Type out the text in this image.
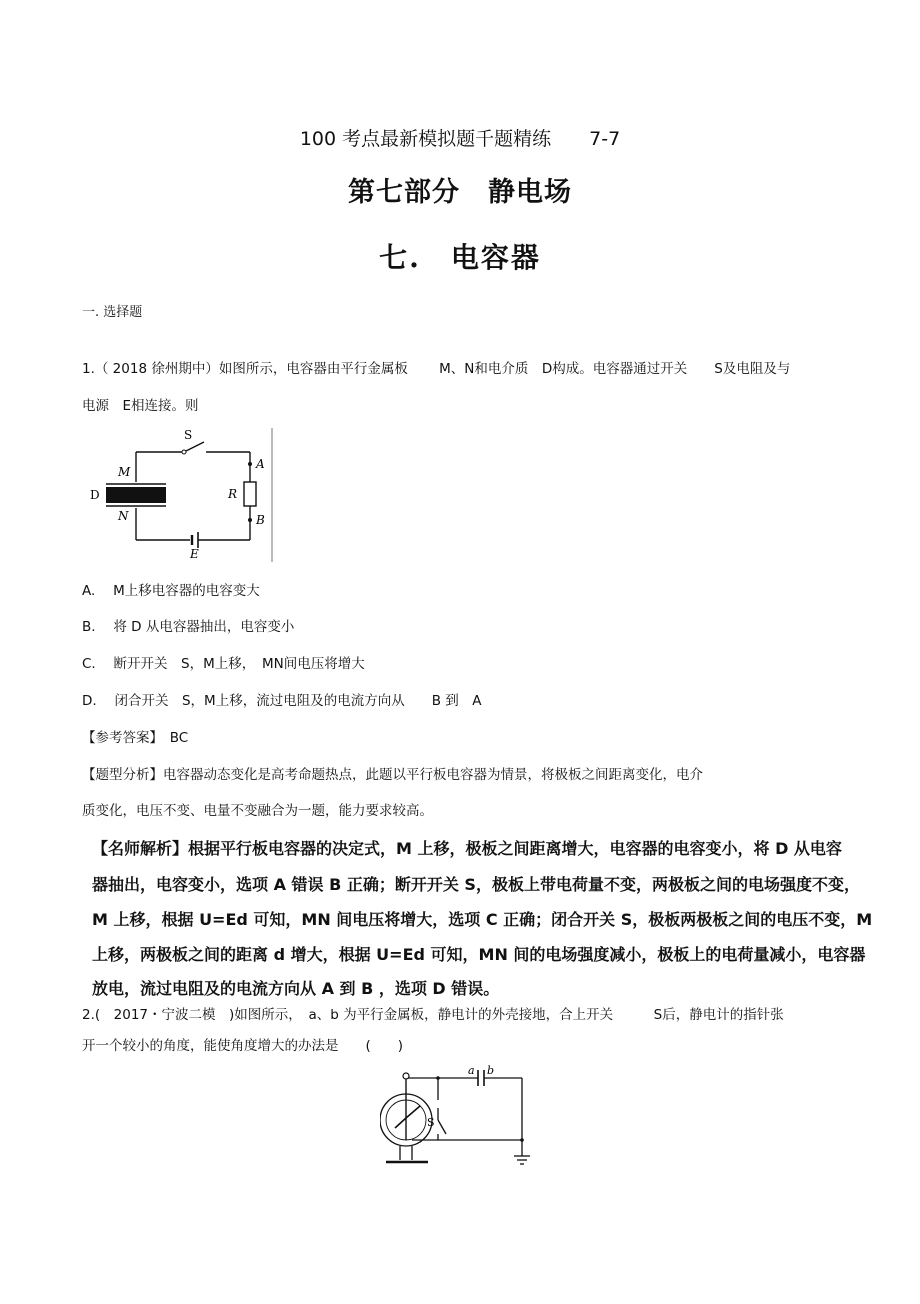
100 考点最新模拟题千题精练 7-7
第七部分　静电场
七.　电容器
一. 选择题
1.（ 2018 徐州期中）如图所示，电容器由平行金属板　　 M、N和电介质　D构成。电容器通过开关　　S及电阻及与
电源　E相连接。则
S
M
D
N
A
R
B
E
A.　 M上移电容器的电容变大
B.　 将 D 从电容器抽出，电容变小
C.　 断开开关　S，M上移，　MN间电压将增大
D.　 闭合开关　S，M上移，流过电阻及的电流方向从　　B 到　A
【参考答案】　BC
【题型分析】电容器动态变化是高考命题热点，此题以平行板电容器为情景，将极板之间距离变化，电介
质变化，电压不变、电量不变融合为一题，能力要求较高。
【名师解析】根据平行板电容器的决定式，M 上移，极板之间距离增大，电容器的电容变小，将 D 从电容
器抽出，电容变小，选项 A 错误 B 正确；断开开关 S，极板上带电荷量不变，两极板之间的电场强度不变，
M 上移，根据 U=Ed 可知，MN 间电压将增大，选项 C 正确；闭合开关 S，极板两极板之间的电压不变，M
上移，两极板之间的距离 d 增大，根据 U=Ed 可知，MN 间的电场强度减小，极板上的电荷量减小，电容器
放电，流过电阻及的电流方向从 A 到 B ，选项 D 错误。
2.(　2017・宁波二模　)如图所示，　a、b 为平行金属板，静电计的外壳接地，合上开关　　　S后，静电计的指针张
开一个较小的角度，能使角度增大的办法是　　(　　)
a b
S
